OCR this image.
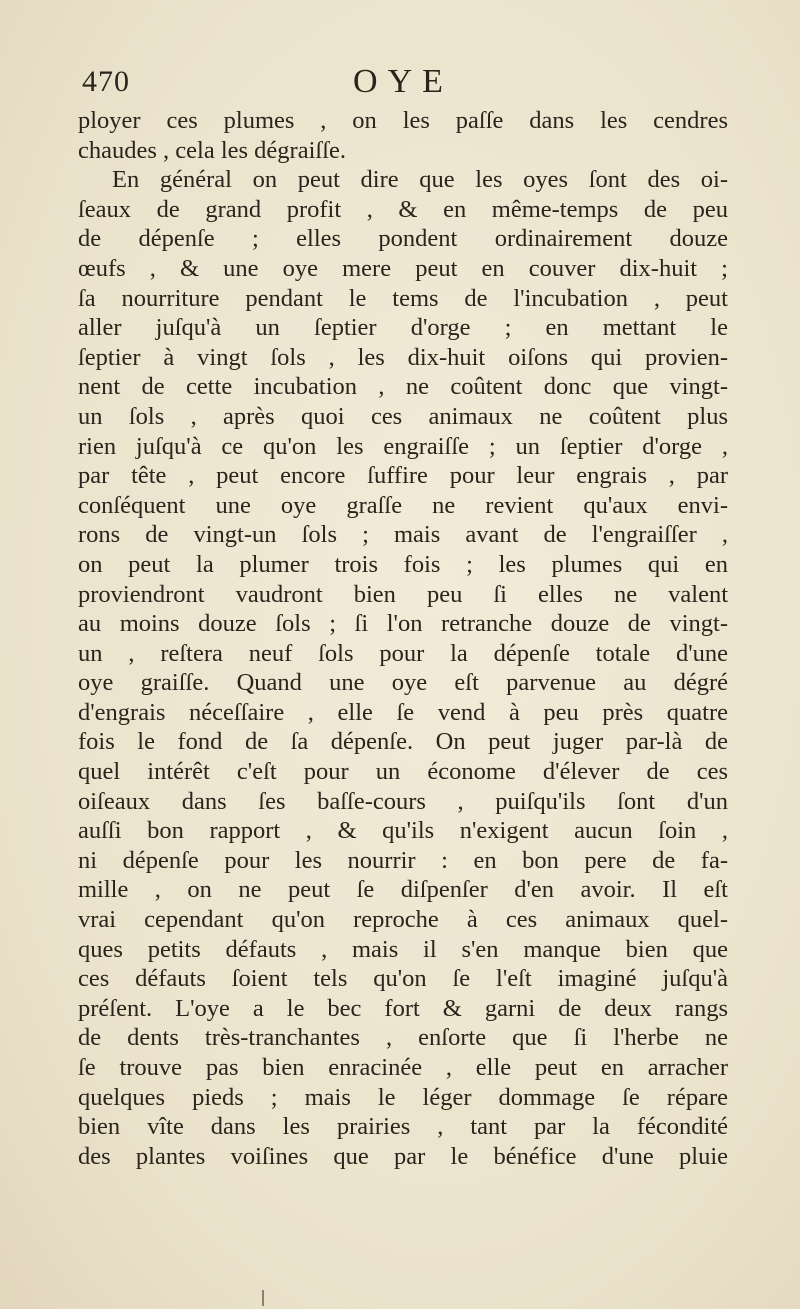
470	OYE
ployer ces plumes , on les paſſe dans les cendres
chaudes , cela les dégraiſſe.
En général on peut dire que les oyes ſont des oi-
ſeaux de grand profit , & en même-temps de peu
de dépenſe ; elles pondent ordinairement douze
œufs , & une oye mere peut en couver dix-huit ;
ſa nourriture pendant le tems de l'incubation , peut
aller juſqu'à un ſeptier d'orge ; en mettant le
ſeptier à vingt ſols , les dix-huit oiſons qui provien-
nent de cette incubation , ne coûtent donc que vingt-
un ſols , après quoi ces animaux ne coûtent plus
rien juſqu'à ce qu'on les engraiſſe ; un ſeptier d'orge ,
par tête , peut encore ſuffire pour leur engrais , par
conſéquent une oye graſſe ne revient qu'aux envi-
rons de vingt-un ſols ; mais avant de l'engraiſſer ,
on peut la plumer trois fois ; les plumes qui en
proviendront vaudront bien peu ſi elles ne valent
au moins douze ſols ; ſi l'on retranche douze de vingt-
un , reſtera neuf ſols pour la dépenſe totale d'une
oye graiſſe. Quand une oye eſt parvenue au dégré
d'engrais néceſſaire , elle ſe vend à peu près quatre
fois le fond de ſa dépenſe. On peut juger par-là de
quel intérêt c'eſt pour un économe d'élever de ces
oiſeaux dans ſes baſſe-cours , puiſqu'ils ſont d'un
auſſi bon rapport , & qu'ils n'exigent aucun ſoin ,
ni dépenſe pour les nourrir : en bon pere de fa-
mille , on ne peut ſe diſpenſer d'en avoir. Il eſt
vrai cependant qu'on reproche à ces animaux quel-
ques petits défauts , mais il s'en manque bien que
ces défauts ſoient tels qu'on ſe l'eſt imaginé juſqu'à
préſent. L'oye a le bec fort & garni de deux rangs
de dents très-tranchantes , enſorte que ſi l'herbe ne
ſe trouve pas bien enracinée , elle peut en arracher
quelques pieds ; mais le léger dommage ſe répare
bien vîte dans les prairies , tant par la fécondité
des plantes voiſines que par le bénéfice d'une pluie
